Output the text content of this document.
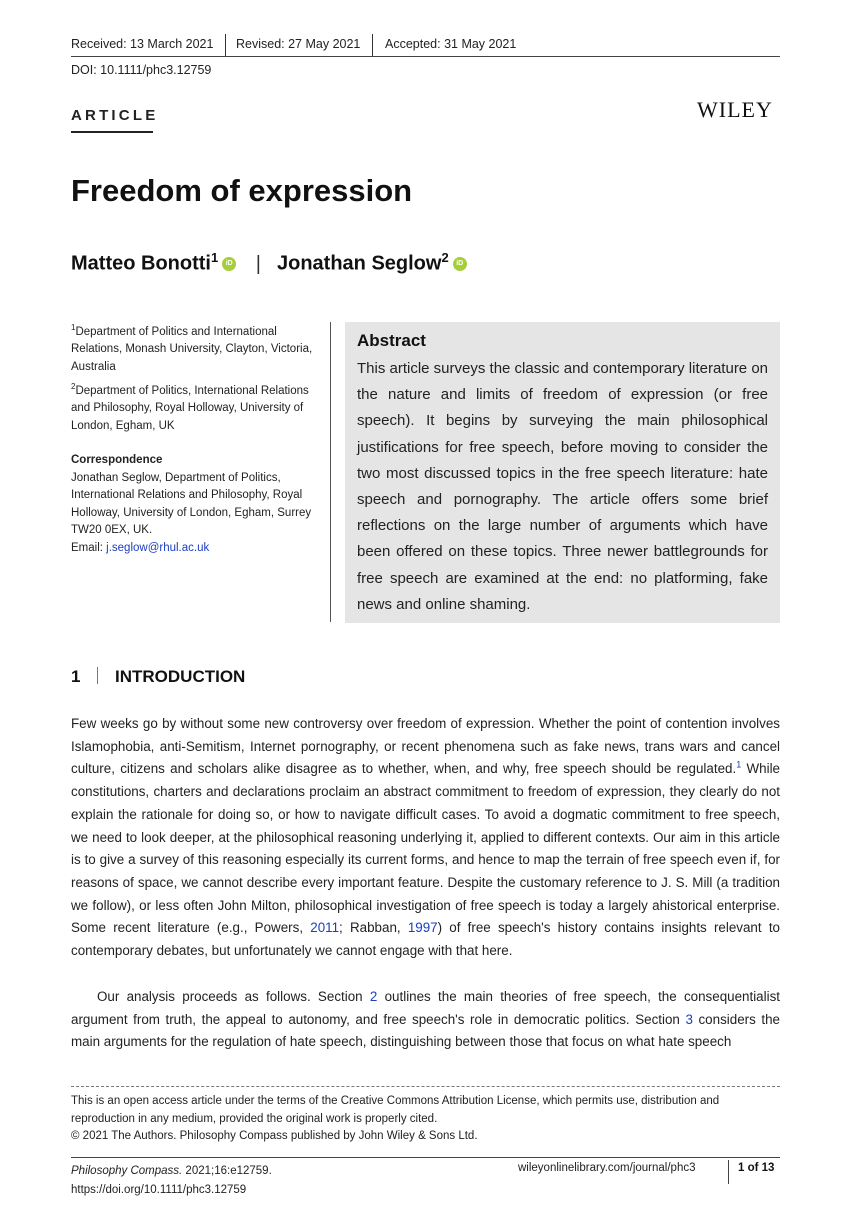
Received: 13 March 2021 Revised: 27 May 2021 Accepted: 31 May 2021
DOI: 10.1111/phc3.12759
ARTICLE	WILEY
Freedom of expression
Matteo Bonotti$^1$ iD | Jonathan Seglow$^2$ iD
$^1$Department of Politics and International Relations, Monash University, Clayton, Victoria, Australia
$^2$Department of Politics, International Relations and Philosophy, Royal Holloway, University of London, Egham, UK
Correspondence
Jonathan Seglow, Department of Politics, International Relations and Philosophy, Royal Holloway, University of London, Egham, Surrey TW20 0EX, UK.
Email: j.seglow@rhul.ac.uk
Abstract
This article surveys the classic and contemporary literature on the nature and limits of freedom of expression (or free speech). It begins by surveying the main philosophical justifications for free speech, before moving to consider the two most discussed topics in the free speech literature: hate speech and pornography. The article offers some brief reflections on the large number of arguments which have been offered on these topics. Three newer battlegrounds for free speech are examined at the end: no platforming, fake news and online shaming.
1 INTRODUCTION
Few weeks go by without some new controversy over freedom of expression. Whether the point of contention involves Islamophobia, anti-Semitism, Internet pornography, or recent phenomena such as fake news, trans wars and cancel culture, citizens and scholars alike disagree as to whether, when, and why, free speech should be regulated.$^1$ While constitutions, charters and declarations proclaim an abstract commitment to freedom of expression, they clearly do not explain the rationale for doing so, or how to navigate difficult cases. To avoid a dogmatic commitment to free speech, we need to look deeper, at the philosophical reasoning underlying it, applied to different contexts. Our aim in this article is to give a survey of this reasoning especially its current forms, and hence to map the terrain of free speech even if, for reasons of space, we cannot describe every important feature. Despite the customary reference to J. S. Mill (a tradition we follow), or less often John Milton, philosophical investigation of free speech is today a largely ahistorical enterprise. Some recent literature (e.g., Powers, 2011; Rabban, 1997) of free speech's history contains insights relevant to contemporary debates, but unfortunately we cannot engage with that here.
Our analysis proceeds as follows. Section 2 outlines the main theories of free speech, the consequentialist argument from truth, the appeal to autonomy, and free speech's role in democratic politics. Section 3 considers the main arguments for the regulation of hate speech, distinguishing between those that focus on what hate speech
This is an open access article under the terms of the Creative Commons Attribution License, which permits use, distribution and reproduction in any medium, provided the original work is properly cited.
© 2021 The Authors. Philosophy Compass published by John Wiley & Sons Ltd.
Philosophy Compass. 2021;16:e12759.
https://doi.org/10.1111/phc3.12759
wileyonlinelibrary.com/journal/phc3	1 of 13
